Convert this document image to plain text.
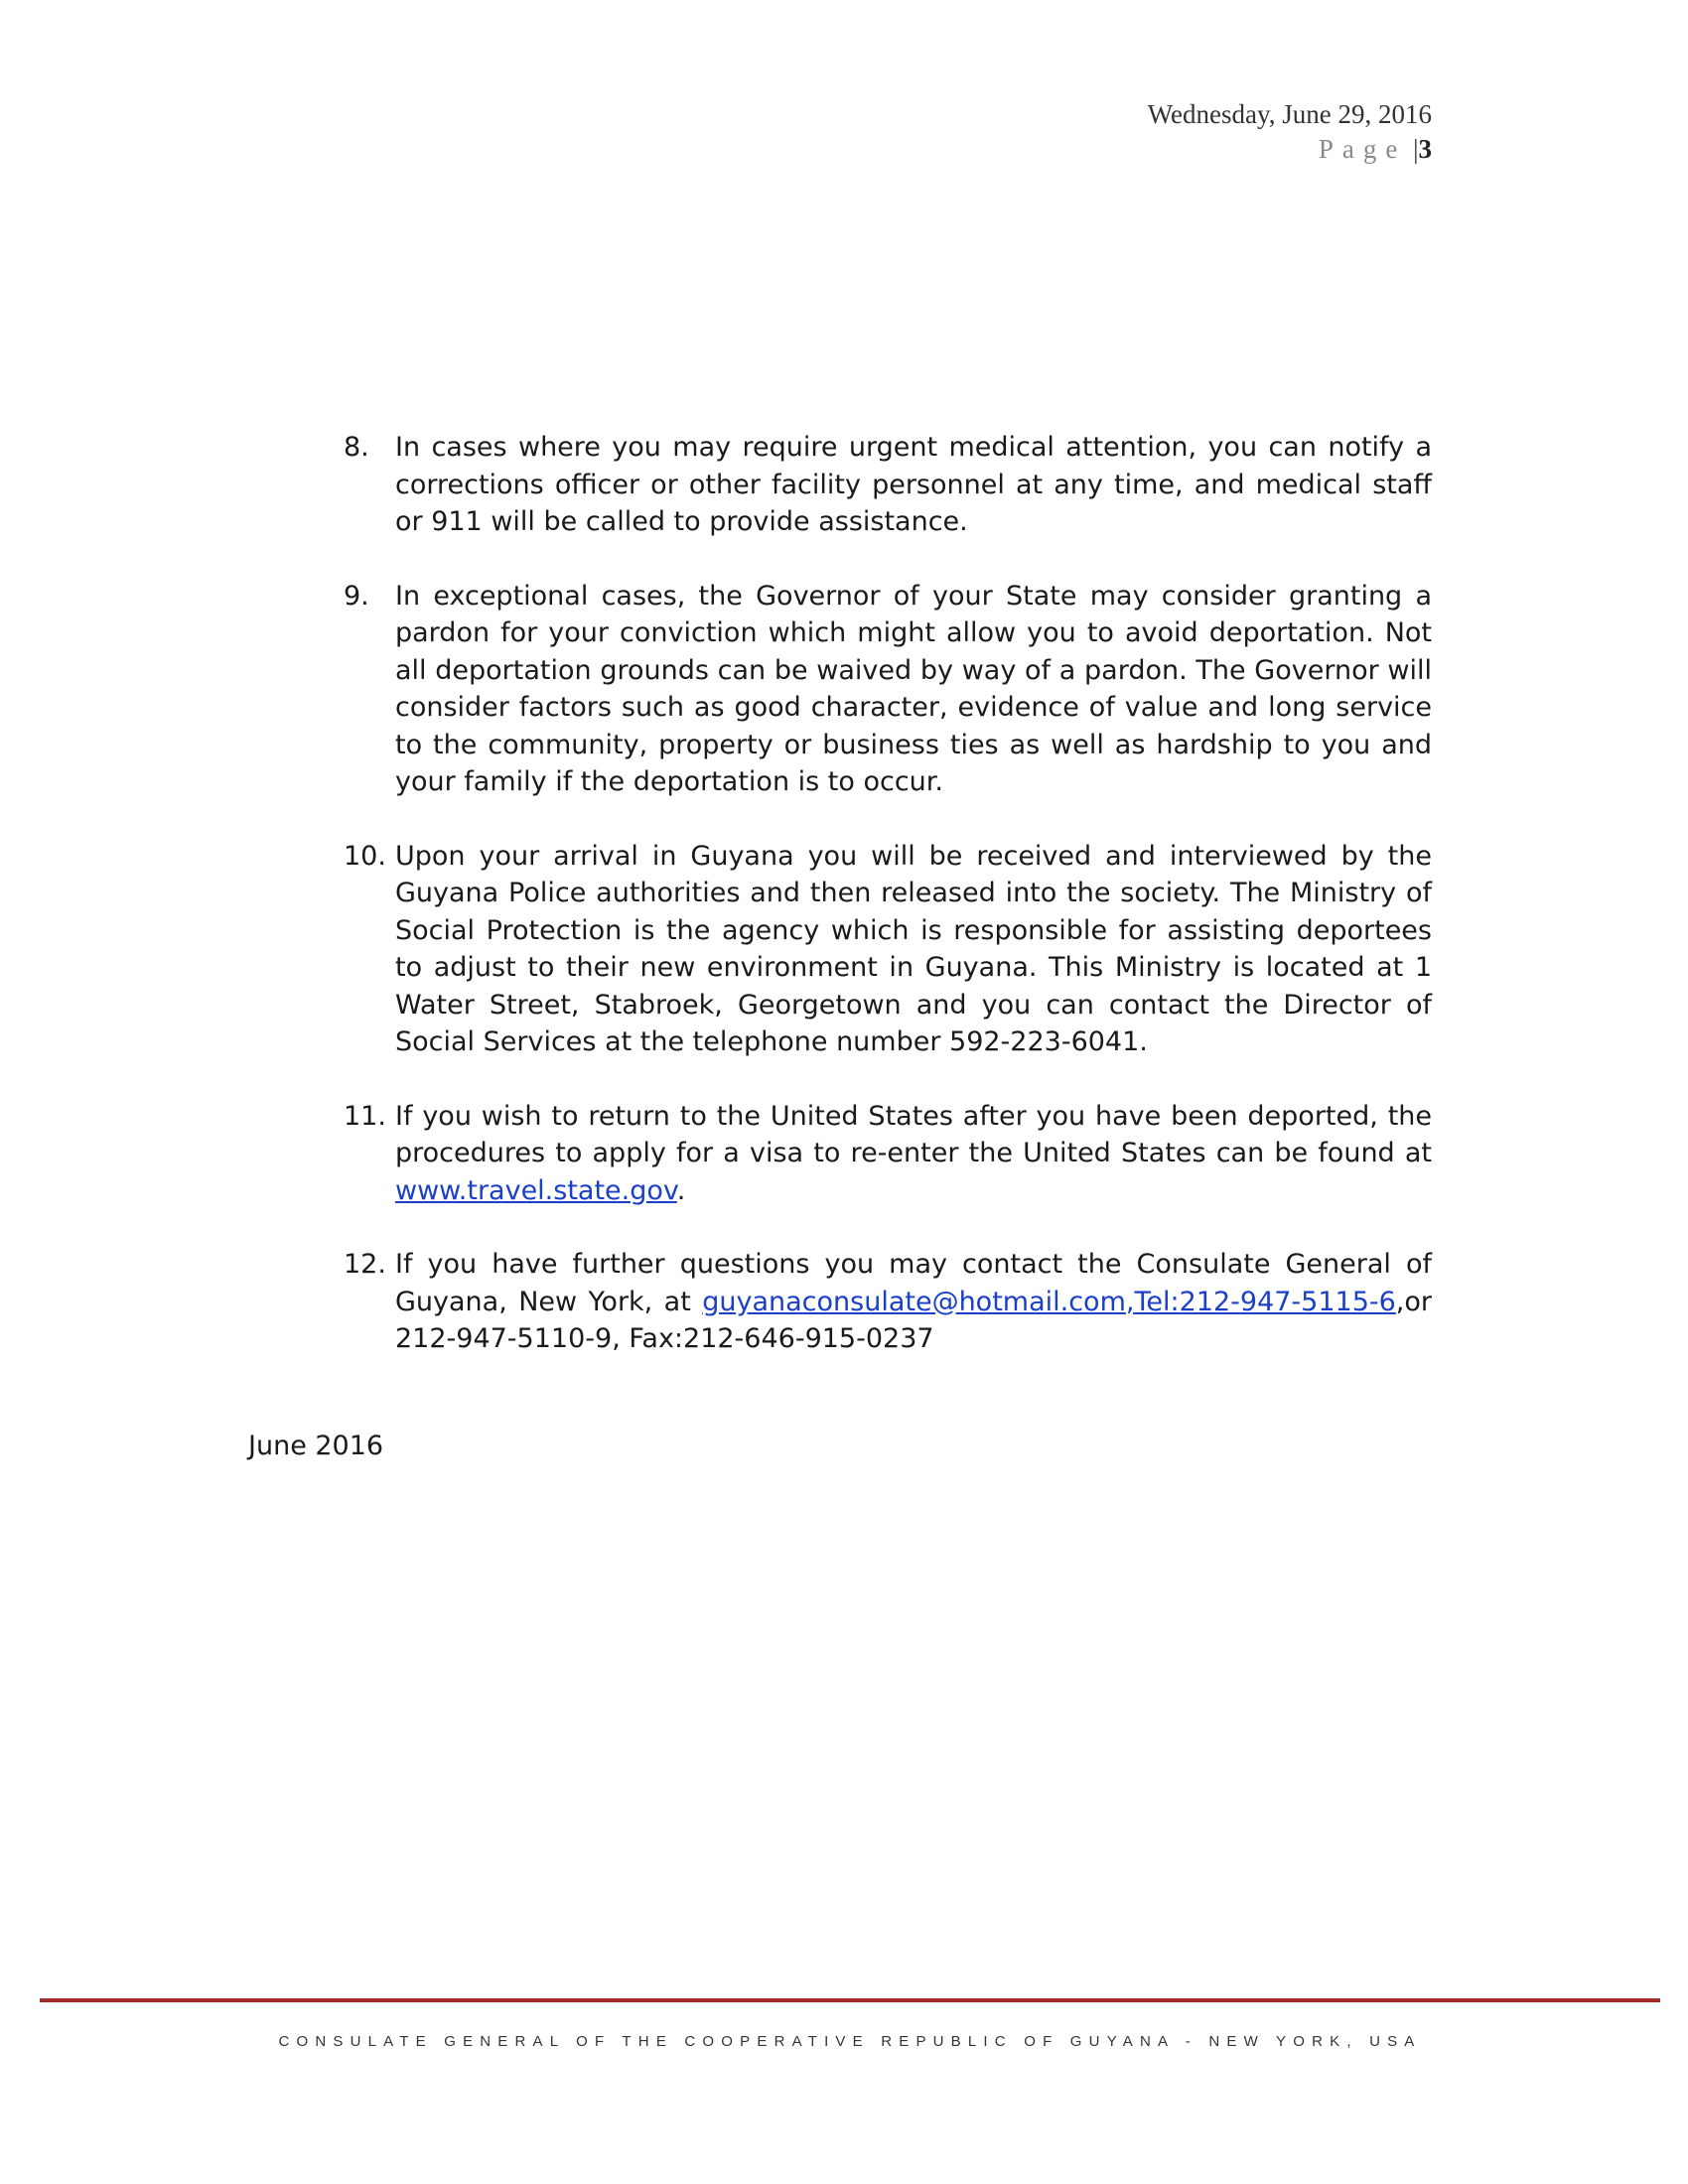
Wednesday, June 29, 2016
Page |3
8. In cases where you may require urgent medical attention, you can notify a corrections officer or other facility personnel at any time, and medical staff or 911 will be called to provide assistance.
9. In exceptional cases, the Governor of your State may consider granting a pardon for your conviction which might allow you to avoid deportation. Not all deportation grounds can be waived by way of a pardon. The Governor will consider factors such as good character, evidence of value and long service to the community, property or business ties as well as hardship to you and your family if the deportation is to occur.
10. Upon your arrival in Guyana you will be received and interviewed by the Guyana Police authorities and then released into the society. The Ministry of Social Protection is the agency which is responsible for assisting deportees to adjust to their new environment in Guyana. This Ministry is located at 1 Water Street, Stabroek, Georgetown and you can contact the Director of Social Services at the telephone number 592-223-6041.
11. If you wish to return to the United States after you have been deported, the procedures to apply for a visa to re-enter the United States can be found at www.travel.state.gov.
12. If you have further questions you may contact the Consulate General of Guyana, New York, at guyanaconsulate@hotmail.com,Tel:212-947-5115-6,or 212-947-5110-9, Fax:212-646-915-0237
June 2016
CONSULATE GENERAL OF THE COOPERATIVE REPUBLIC OF GUYANA - NEW YORK, USA
